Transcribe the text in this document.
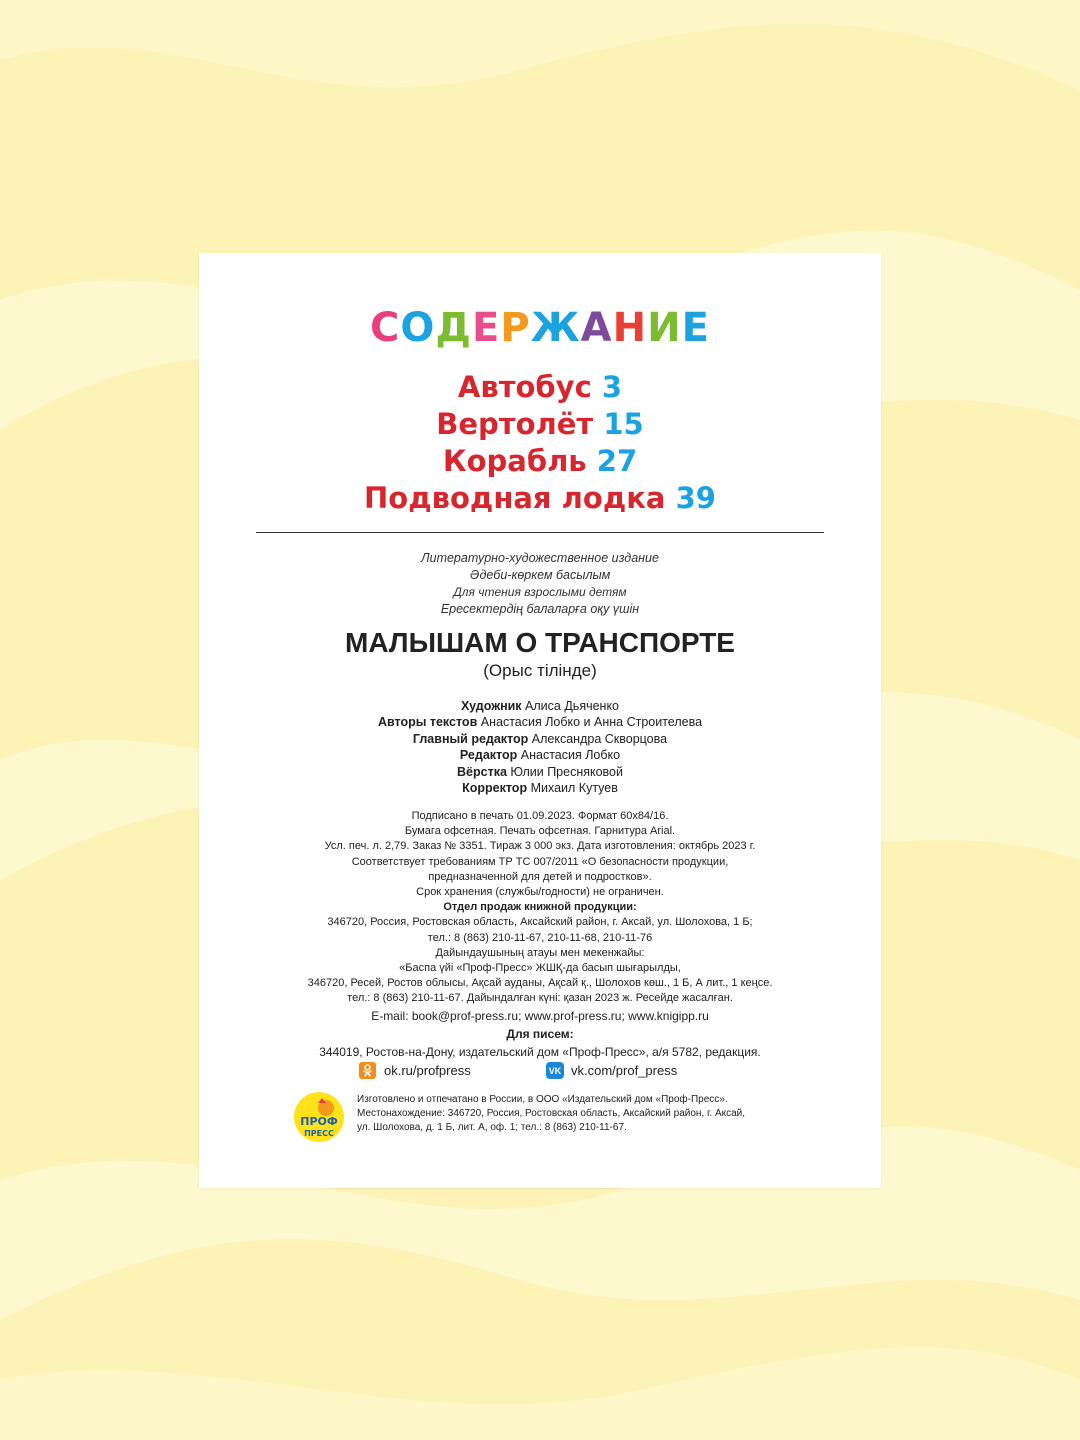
СОДЕРЖАНИЕ
Автобус 3
Вертолёт 15
Корабль 27
Подводная лодка 39
Литературно-художественное издание
Әдеби-көркем басылым
Для чтения взрослыми детям
Ересектердің балаларға оқу үшін
МАЛЫШАМ О ТРАНСПОРТЕ
(Орыс тілінде)
Художник Алиса Дьяченко
Авторы текстов Анастасия Лобко и Анна Строителева
Главный редактор Александра Скворцова
Редактор Анастасия Лобко
Вёрстка Юлии Пресняковой
Корректор Михаил Кутуев
Подписано в печать 01.09.2023. Формат 60x84/16.
Бумага офсетная. Печать офсетная. Гарнитура Arial.
Усл. печ. л. 2,79. Заказ № 3351. Тираж 3 000 экз. Дата изготовления: октябрь 2023 г.
Соответствует требованиям ТР ТС 007/2011 «О безопасности продукции,
предназначенной для детей и подростков».
Срок хранения (службы/годности) не ограничен.
Отдел продаж книжной продукции:
346720, Россия, Ростовская область, Аксайский район, г. Аксай, ул. Шолохова, 1 Б;
тел.: 8 (863) 210-11-67, 210-11-68, 210-11-76
Дайындаушының атауы мен мекенжайы:
«Баспа үйі «Проф-Пресс» ЖШҚ-да басып шығарылды,
346720, Ресей, Ростов облысы, Ақсай ауданы, Ақсай қ., Шолохов көш., 1 Б, А лит., 1 кеңсе.
тел.: 8 (863) 210-11-67. Дайындалған күні: қазан 2023 ж. Ресейде жасалған.
E-mail: book@prof-press.ru; www.prof-press.ru; www.knigipp.ru
Для писем:
344019, Ростов-на-Дону, издательский дом «Проф-Пресс», а/я 5782, редакция.
ok.ru/profpress	VK vk.com/prof_press
ПРОФ
ПРЕСС
Изготовлено и отпечатано в России, в ООО «Издательский дом «Проф-Пресс».
Местонахождение: 346720, Россия, Ростовская область, Аксайский район, г. Аксай,
ул. Шолохова, д. 1 Б, лит. А, оф. 1; тел.: 8 (863) 210-11-67.
